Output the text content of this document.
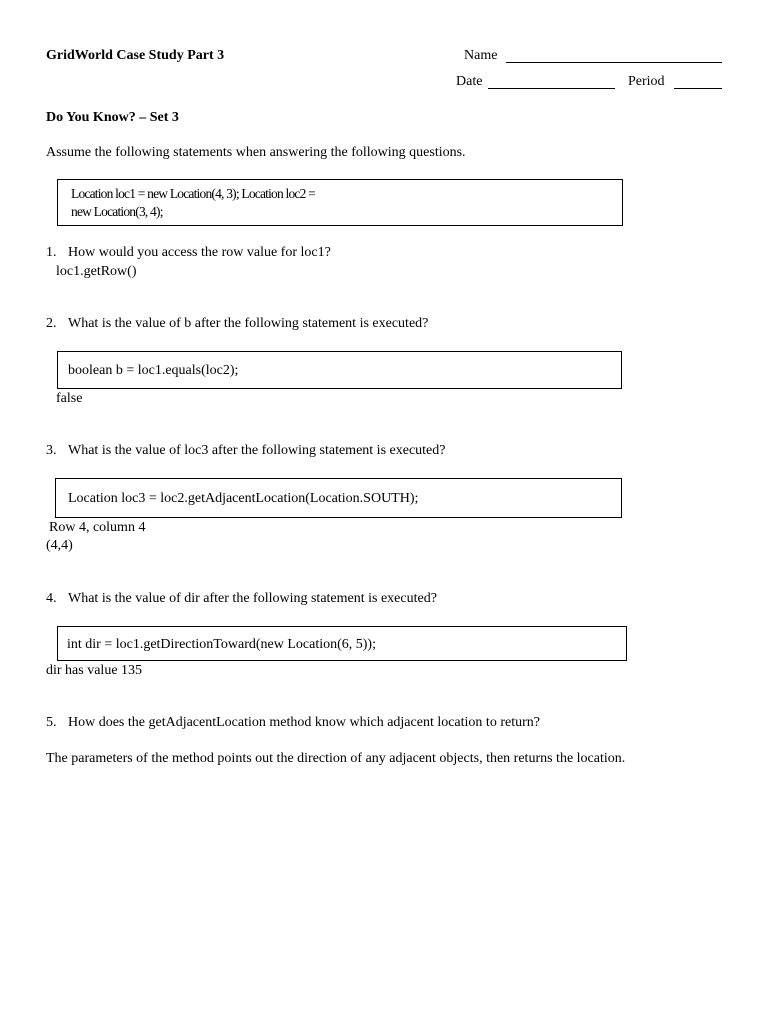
GridWorld Case Study Part 3	Name
Date	Period
Do You Know? – Set 3
Assume the following statements when answering the following questions.
Location loc1 = new Location(4, 3); Location loc2 =
new Location(3, 4);
1. How would you access the row value for loc1?
loc1.getRow()
2. What is the value of b after the following statement is executed?
boolean b = loc1.equals(loc2);
false
3. What is the value of loc3 after the following statement is executed?
Location loc3 = loc2.getAdjacentLocation(Location.SOUTH);
Row 4, column 4
(4,4)
4. What is the value of dir after the following statement is executed?
int dir = loc1.getDirectionToward(new Location(6, 5));
dir has value 135
5. How does the getAdjacentLocation method know which adjacent location to return?
The parameters of the method points out the direction of any adjacent objects, then returns the location.
